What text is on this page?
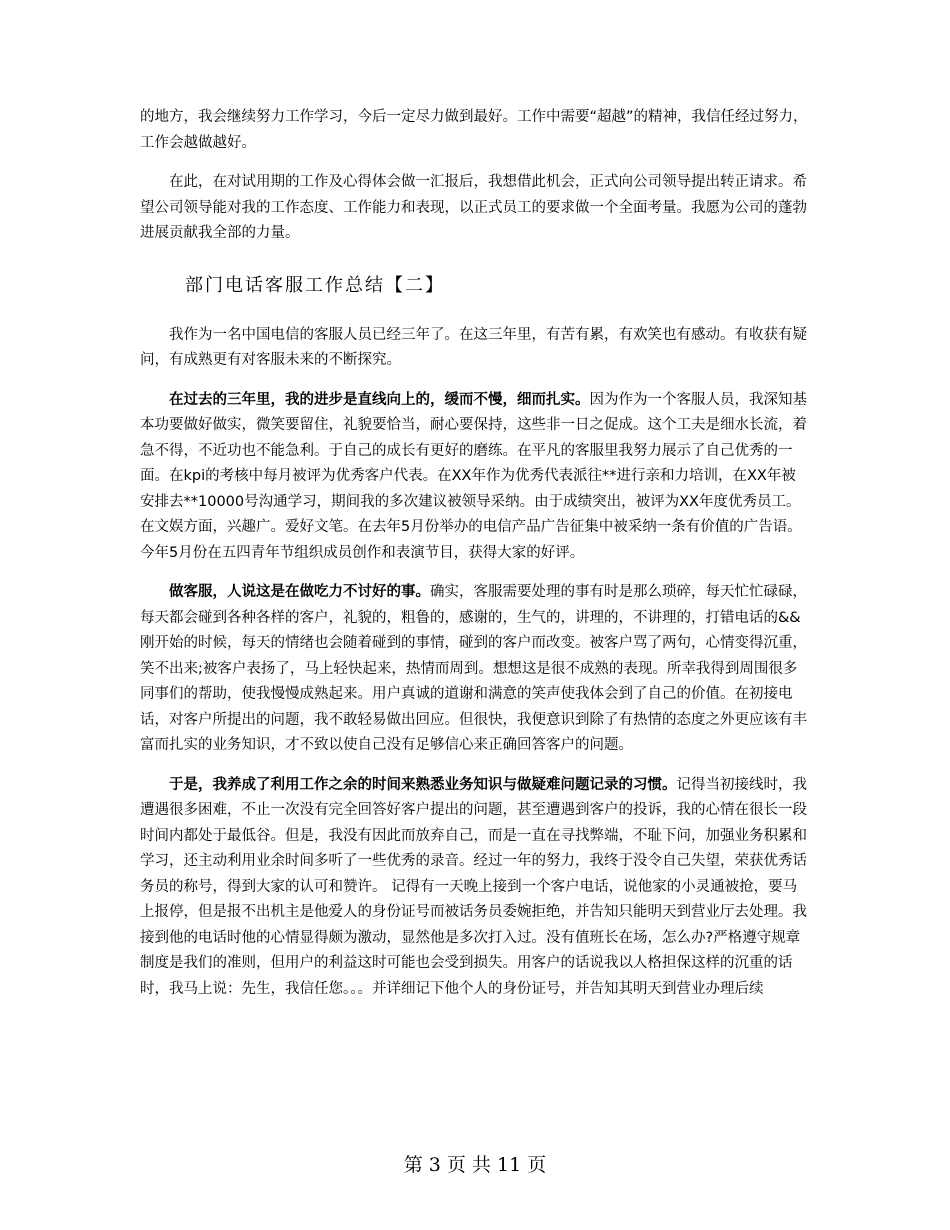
的地方，我会继续努力工作学习，今后一定尽力做到最好。工作中需要“超越”的精神，我信任经过努力，工作会越做越好。

在此，在对试用期的工作及心得体会做一汇报后，我想借此机会，正式向公司领导提出转正请求。希望公司领导能对我的工作态度、工作能力和表现，以正式员工的要求做一个全面考量。我愿为公司的蓬勃进展贡献我全部的力量。

部门电话客服工作总结【二】

我作为一名中国电信的客服人员已经三年了。在这三年里，有苦有累，有欢笑也有感动。有收获有疑问，有成熟更有对客服未来的不断探究。

在过去的三年里，我的进步是直线向上的，缓而不慢，细而扎实。因为作为一个客服人员，我深知基本功要做好做实，微笑要留住，礼貌要恰当，耐心要保持，这些非一日之促成。这个工夫是细水长流，着急不得，不近功也不能急利。于自己的成长有更好的磨练。在平凡的客服里我努力展示了自己优秀的一面。在kpi的考核中每月被评为优秀客户代表。在XX年作为优秀代表派往**进行亲和力培训，在XX年被安排去**10000号沟通学习，期间我的多次建议被领导采纳。由于成绩突出，被评为XX年度优秀员工。在文娱方面，兴趣广。爱好文笔。在去年5月份举办的电信产品广告征集中被采纳一条有价值的广告语。今年5月份在五四青年节组织成员创作和表演节目，获得大家的好评。

做客服，人说这是在做吃力不讨好的事。确实，客服需要处理的事有时是那么琐碎，每天忙忙碌碌，每天都会碰到各种各样的客户，礼貌的，粗鲁的，感谢的，生气的，讲理的，不讲理的，打错电话的&&刚开始的时候，每天的情绪也会随着碰到的事情，碰到的客户而改变。被客户骂了两句，心情变得沉重，笑不出来;被客户表扬了，马上轻快起来，热情而周到。想想这是很不成熟的表现。所幸我得到周围很多同事们的帮助，使我慢慢成熟起来。用户真诚的道谢和满意的笑声使我体会到了自己的价值。在初接电话，对客户所提出的问题，我不敢轻易做出回应。但很快，我便意识到除了有热情的态度之外更应该有丰富而扎实的业务知识，才不致以使自己没有足够信心来正确回答客户的问题。

于是，我养成了利用工作之余的时间来熟悉业务知识与做疑难问题记录的习惯。记得当初接线时，我遭遇很多困难，不止一次没有完全回答好客户提出的问题，甚至遭遇到客户的投诉，我的心情在很长一段时间内都处于最低谷。但是，我没有因此而放弃自己，而是一直在寻找弊端，不耻下问，加强业务积累和学习，还主动利用业余时间多听了一些优秀的录音。经过一年的努力，我终于没令自己失望，荣获优秀话务员的称号，得到大家的认可和赞许。 记得有一天晚上接到一个客户电话，说他家的小灵通被抢，要马上报停，但是报不出机主是他爱人的身份证号而被话务员委婉拒绝，并告知只能明天到营业厅去处理。我接到他的电话时他的心情显得颇为激动，显然他是多次打入过。没有值班长在场，怎么办?严格遵守规章制度是我们的准则，但用户的利益这时可能也会受到损失。用客户的话说我以人格担保这样的沉重的话时，我马上说：先生，我信任您。。。并详细记下他个人的身份证号，并告知其明天到营业办理后续

第 3 页 共 11 页
